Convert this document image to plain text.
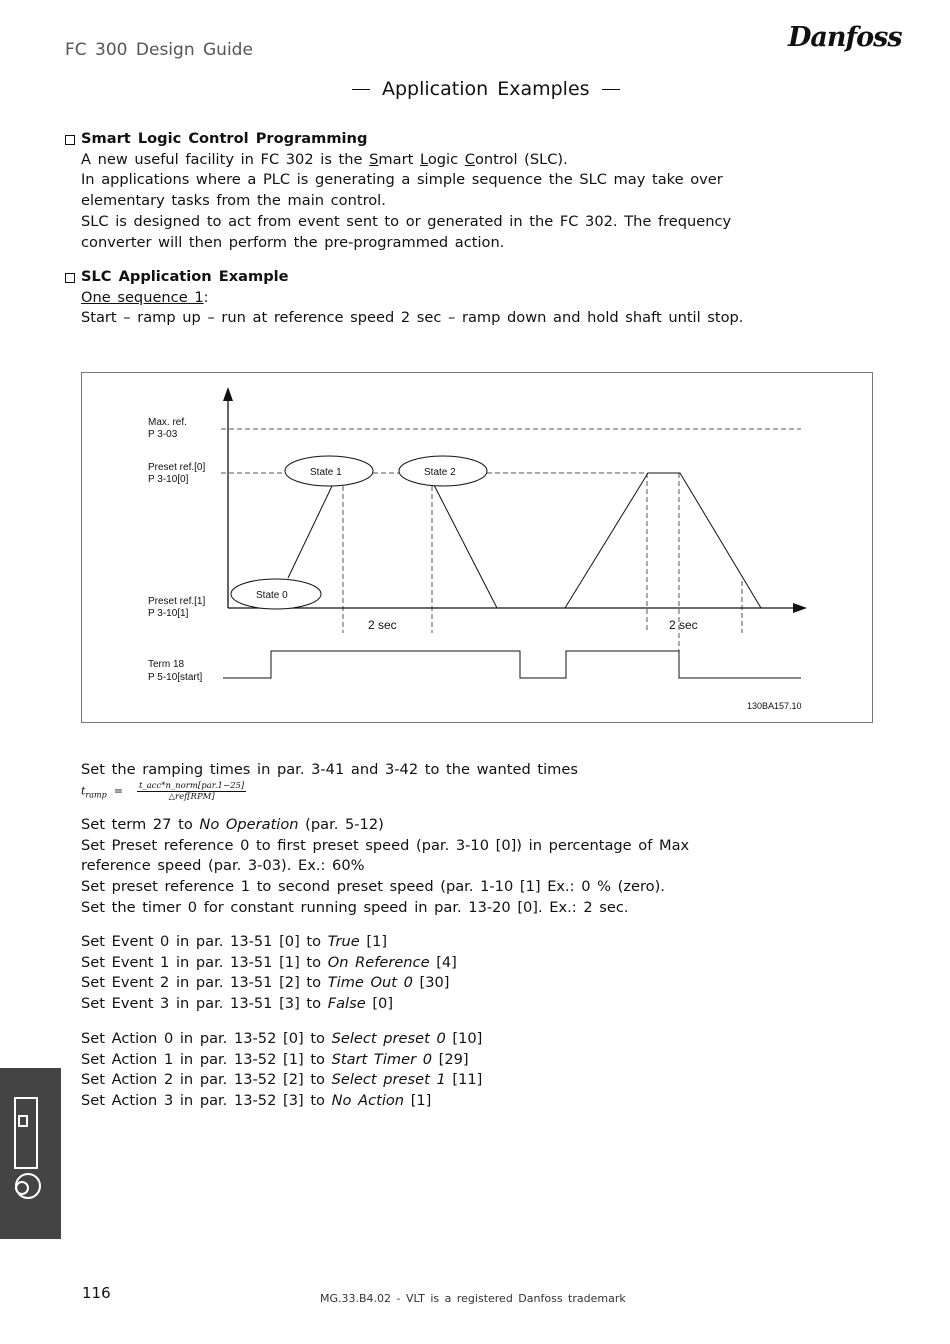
FC 300 Design Guide	Danfoss
Application Examples
Smart Logic Control Programming
A new useful facility in FC 302 is the Smart Logic Control (SLC).
In applications where a PLC is generating a simple sequence the SLC may take over
elementary tasks from the main control.
SLC is designed to act from event sent to or generated in the FC 302. The frequency
converter will then perform the pre-programmed action.
SLC Application Example
One sequence 1:
Start – ramp up – run at reference speed 2 sec – ramp down and hold shaft until stop.
Max. ref.
P 3-03
Preset ref.[0]
P 3-10[0]
Preset ref.[1]
P 3-10[1]
State 1	State 2
State 0
2 sec	2 sec
Term 18
P 5-10[start]
130BA157.10
Set the ramping times in par. 3-41 and 3-42 to the wanted times
$t_{ramp} = \frac{\text{t\_acc*n\_norm[par.1−25]}}{\text{△ref[RPM]}}$
Set term 27 to No Operation (par. 5-12)
Set Preset reference 0 to first preset speed (par. 3-10 [0]) in percentage of Max
reference speed (par. 3-03). Ex.: 60%
Set preset reference 1 to second preset speed (par. 1-10 [1] Ex.: 0 % (zero).
Set the timer 0 for constant running speed in par. 13-20 [0]. Ex.: 2 sec.
Set Event 0 in par. 13-51 [0] to True [1]
Set Event 1 in par. 13-51 [1] to On Reference [4]
Set Event 2 in par. 13-51 [2] to Time Out 0 [30]
Set Event 3 in par. 13-51 [3] to False [0]
Set Action 0 in par. 13-52 [0] to Select preset 0 [10]
Set Action 1 in par. 13-52 [1] to Start Timer 0 [29]
Set Action 2 in par. 13-52 [2] to Select preset 1 [11]
Set Action 3 in par. 13-52 [3] to No Action [1]
116	MG.33.B4.02 - VLT is a registered Danfoss trademark
